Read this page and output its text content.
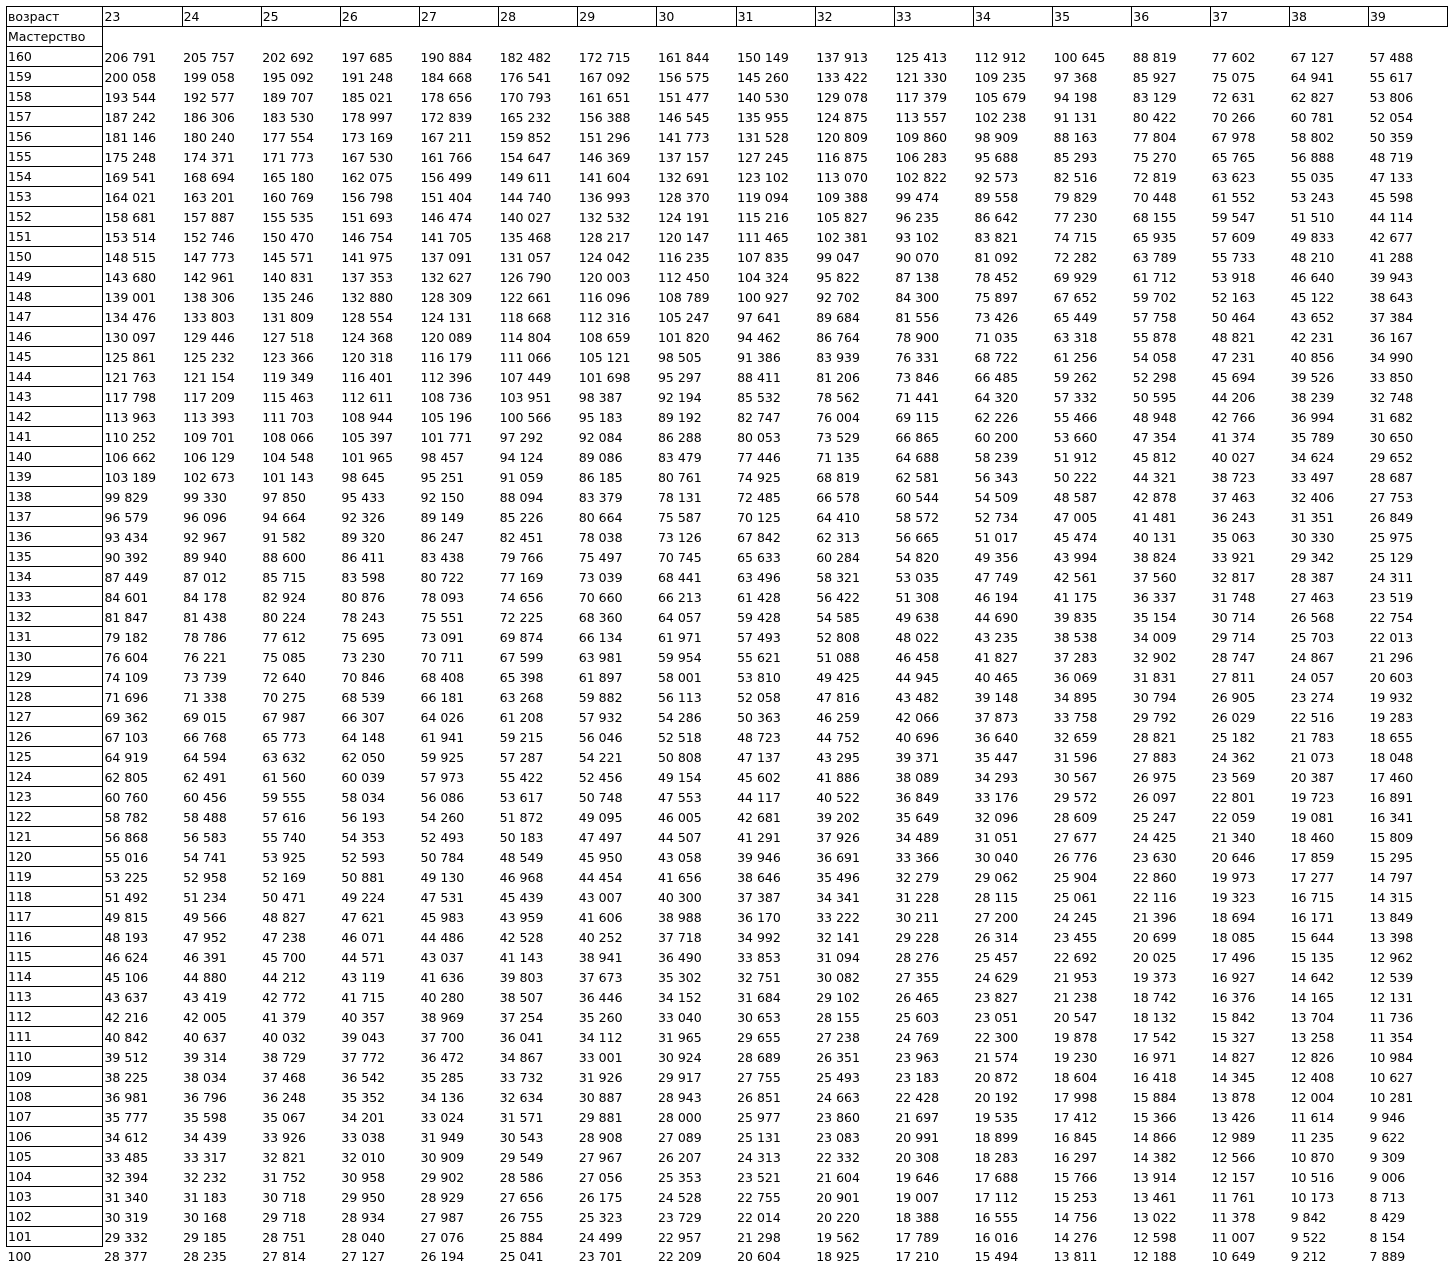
возраст	23	24	25	26	27	28	29	30	31	32	33	34	35	36	37	38	39
Мастерство																	
160	206 791	205 757	202 692	197 685	190 884	182 482	172 715	161 844	150 149	137 913	125 413	112 912	100 645	88 819	77 602	67 127	57 488
159	200 058	199 058	195 092	191 248	184 668	176 541	167 092	156 575	145 260	133 422	121 330	109 235	97 368	85 927	75 075	64 941	55 617
158	193 544	192 577	189 707	185 021	178 656	170 793	161 651	151 477	140 530	129 078	117 379	105 679	94 198	83 129	72 631	62 827	53 806
157	187 242	186 306	183 530	178 997	172 839	165 232	156 388	146 545	135 955	124 875	113 557	102 238	91 131	80 422	70 266	60 781	52 054
156	181 146	180 240	177 554	173 169	167 211	159 852	151 296	141 773	131 528	120 809	109 860	98 909	88 163	77 804	67 978	58 802	50 359
155	175 248	174 371	171 773	167 530	161 766	154 647	146 369	137 157	127 245	116 875	106 283	95 688	85 293	75 270	65 765	56 888	48 719
154	169 541	168 694	165 180	162 075	156 499	149 611	141 604	132 691	123 102	113 070	102 822	92 573	82 516	72 819	63 623	55 035	47 133
153	164 021	163 201	160 769	156 798	151 404	144 740	136 993	128 370	119 094	109 388	99 474	89 558	79 829	70 448	61 552	53 243	45 598
152	158 681	157 887	155 535	151 693	146 474	140 027	132 532	124 191	115 216	105 827	96 235	86 642	77 230	68 155	59 547	51 510	44 114
151	153 514	152 746	150 470	146 754	141 705	135 468	128 217	120 147	111 465	102 381	93 102	83 821	74 715	65 935	57 609	49 833	42 677
150	148 515	147 773	145 571	141 975	137 091	131 057	124 042	116 235	107 835	99 047	90 070	81 092	72 282	63 789	55 733	48 210	41 288
149	143 680	142 961	140 831	137 353	132 627	126 790	120 003	112 450	104 324	95 822	87 138	78 452	69 929	61 712	53 918	46 640	39 943
148	139 001	138 306	135 246	132 880	128 309	122 661	116 096	108 789	100 927	92 702	84 300	75 897	67 652	59 702	52 163	45 122	38 643
147	134 476	133 803	131 809	128 554	124 131	118 668	112 316	105 247	97 641	89 684	81 556	73 426	65 449	57 758	50 464	43 652	37 384
146	130 097	129 446	127 518	124 368	120 089	114 804	108 659	101 820	94 462	86 764	78 900	71 035	63 318	55 878	48 821	42 231	36 167
145	125 861	125 232	123 366	120 318	116 179	111 066	105 121	98 505	91 386	83 939	76 331	68 722	61 256	54 058	47 231	40 856	34 990
144	121 763	121 154	119 349	116 401	112 396	107 449	101 698	95 297	88 411	81 206	73 846	66 485	59 262	52 298	45 694	39 526	33 850
143	117 798	117 209	115 463	112 611	108 736	103 951	98 387	92 194	85 532	78 562	71 441	64 320	57 332	50 595	44 206	38 239	32 748
142	113 963	113 393	111 703	108 944	105 196	100 566	95 183	89 192	82 747	76 004	69 115	62 226	55 466	48 948	42 766	36 994	31 682
141	110 252	109 701	108 066	105 397	101 771	97 292	92 084	86 288	80 053	73 529	66 865	60 200	53 660	47 354	41 374	35 789	30 650
140	106 662	106 129	104 548	101 965	98 457	94 124	89 086	83 479	77 446	71 135	64 688	58 239	51 912	45 812	40 027	34 624	29 652
139	103 189	102 673	101 143	98 645	95 251	91 059	86 185	80 761	74 925	68 819	62 581	56 343	50 222	44 321	38 723	33 497	28 687
138	99 829	99 330	97 850	95 433	92 150	88 094	83 379	78 131	72 485	66 578	60 544	54 509	48 587	42 878	37 463	32 406	27 753
137	96 579	96 096	94 664	92 326	89 149	85 226	80 664	75 587	70 125	64 410	58 572	52 734	47 005	41 481	36 243	31 351	26 849
136	93 434	92 967	91 582	89 320	86 247	82 451	78 038	73 126	67 842	62 313	56 665	51 017	45 474	40 131	35 063	30 330	25 975
135	90 392	89 940	88 600	86 411	83 438	79 766	75 497	70 745	65 633	60 284	54 820	49 356	43 994	38 824	33 921	29 342	25 129
134	87 449	87 012	85 715	83 598	80 722	77 169	73 039	68 441	63 496	58 321	53 035	47 749	42 561	37 560	32 817	28 387	24 311
133	84 601	84 178	82 924	80 876	78 093	74 656	70 660	66 213	61 428	56 422	51 308	46 194	41 175	36 337	31 748	27 463	23 519
132	81 847	81 438	80 224	78 243	75 551	72 225	68 360	64 057	59 428	54 585	49 638	44 690	39 835	35 154	30 714	26 568	22 754
131	79 182	78 786	77 612	75 695	73 091	69 874	66 134	61 971	57 493	52 808	48 022	43 235	38 538	34 009	29 714	25 703	22 013
130	76 604	76 221	75 085	73 230	70 711	67 599	63 981	59 954	55 621	51 088	46 458	41 827	37 283	32 902	28 747	24 867	21 296
129	74 109	73 739	72 640	70 846	68 408	65 398	61 897	58 001	53 810	49 425	44 945	40 465	36 069	31 831	27 811	24 057	20 603
128	71 696	71 338	70 275	68 539	66 181	63 268	59 882	56 113	52 058	47 816	43 482	39 148	34 895	30 794	26 905	23 274	19 932
127	69 362	69 015	67 987	66 307	64 026	61 208	57 932	54 286	50 363	46 259	42 066	37 873	33 758	29 792	26 029	22 516	19 283
126	67 103	66 768	65 773	64 148	61 941	59 215	56 046	52 518	48 723	44 752	40 696	36 640	32 659	28 821	25 182	21 783	18 655
125	64 919	64 594	63 632	62 050	59 925	57 287	54 221	50 808	47 137	43 295	39 371	35 447	31 596	27 883	24 362	21 073	18 048
124	62 805	62 491	61 560	60 039	57 973	55 422	52 456	49 154	45 602	41 886	38 089	34 293	30 567	26 975	23 569	20 387	17 460
123	60 760	60 456	59 555	58 034	56 086	53 617	50 748	47 553	44 117	40 522	36 849	33 176	29 572	26 097	22 801	19 723	16 891
122	58 782	58 488	57 616	56 193	54 260	51 872	49 095	46 005	42 681	39 202	35 649	32 096	28 609	25 247	22 059	19 081	16 341
121	56 868	56 583	55 740	54 353	52 493	50 183	47 497	44 507	41 291	37 926	34 489	31 051	27 677	24 425	21 340	18 460	15 809
120	55 016	54 741	53 925	52 593	50 784	48 549	45 950	43 058	39 946	36 691	33 366	30 040	26 776	23 630	20 646	17 859	15 295
119	53 225	52 958	52 169	50 881	49 130	46 968	44 454	41 656	38 646	35 496	32 279	29 062	25 904	22 860	19 973	17 277	14 797
118	51 492	51 234	50 471	49 224	47 531	45 439	43 007	40 300	37 387	34 341	31 228	28 115	25 061	22 116	19 323	16 715	14 315
117	49 815	49 566	48 827	47 621	45 983	43 959	41 606	38 988	36 170	33 222	30 211	27 200	24 245	21 396	18 694	16 171	13 849
116	48 193	47 952	47 238	46 071	44 486	42 528	40 252	37 718	34 992	32 141	29 228	26 314	23 455	20 699	18 085	15 644	13 398
115	46 624	46 391	45 700	44 571	43 037	41 143	38 941	36 490	33 853	31 094	28 276	25 457	22 692	20 025	17 496	15 135	12 962
114	45 106	44 880	44 212	43 119	41 636	39 803	37 673	35 302	32 751	30 082	27 355	24 629	21 953	19 373	16 927	14 642	12 539
113	43 637	43 419	42 772	41 715	40 280	38 507	36 446	34 152	31 684	29 102	26 465	23 827	21 238	18 742	16 376	14 165	12 131
112	42 216	42 005	41 379	40 357	38 969	37 254	35 260	33 040	30 653	28 155	25 603	23 051	20 547	18 132	15 842	13 704	11 736
111	40 842	40 637	40 032	39 043	37 700	36 041	34 112	31 965	29 655	27 238	24 769	22 300	19 878	17 542	15 327	13 258	11 354
110	39 512	39 314	38 729	37 772	36 472	34 867	33 001	30 924	28 689	26 351	23 963	21 574	19 230	16 971	14 827	12 826	10 984
109	38 225	38 034	37 468	36 542	35 285	33 732	31 926	29 917	27 755	25 493	23 183	20 872	18 604	16 418	14 345	12 408	10 627
108	36 981	36 796	36 248	35 352	34 136	32 634	30 887	28 943	26 851	24 663	22 428	20 192	17 998	15 884	13 878	12 004	10 281
107	35 777	35 598	35 067	34 201	33 024	31 571	29 881	28 000	25 977	23 860	21 697	19 535	17 412	15 366	13 426	11 614	9 946
106	34 612	34 439	33 926	33 038	31 949	30 543	28 908	27 089	25 131	23 083	20 991	18 899	16 845	14 866	12 989	11 235	9 622
105	33 485	33 317	32 821	32 010	30 909	29 549	27 967	26 207	24 313	22 332	20 308	18 283	16 297	14 382	12 566	10 870	9 309
104	32 394	32 232	31 752	30 958	29 902	28 586	27 056	25 353	23 521	21 604	19 646	17 688	15 766	13 914	12 157	10 516	9 006
103	31 340	31 183	30 718	29 950	28 929	27 656	26 175	24 528	22 755	20 901	19 007	17 112	15 253	13 461	11 761	10 173	8 713
102	30 319	30 168	29 718	28 934	27 987	26 755	25 323	23 729	22 014	20 220	18 388	16 555	14 756	13 022	11 378	9 842	8 429
101	29 332	29 185	28 751	28 040	27 076	25 884	24 499	22 957	21 298	19 562	17 789	16 016	14 276	12 598	11 007	9 522	8 154
100	28 377	28 235	27 814	27 127	26 194	25 041	23 701	22 209	20 604	18 925	17 210	15 494	13 811	12 188	10 649	9 212	7 889
